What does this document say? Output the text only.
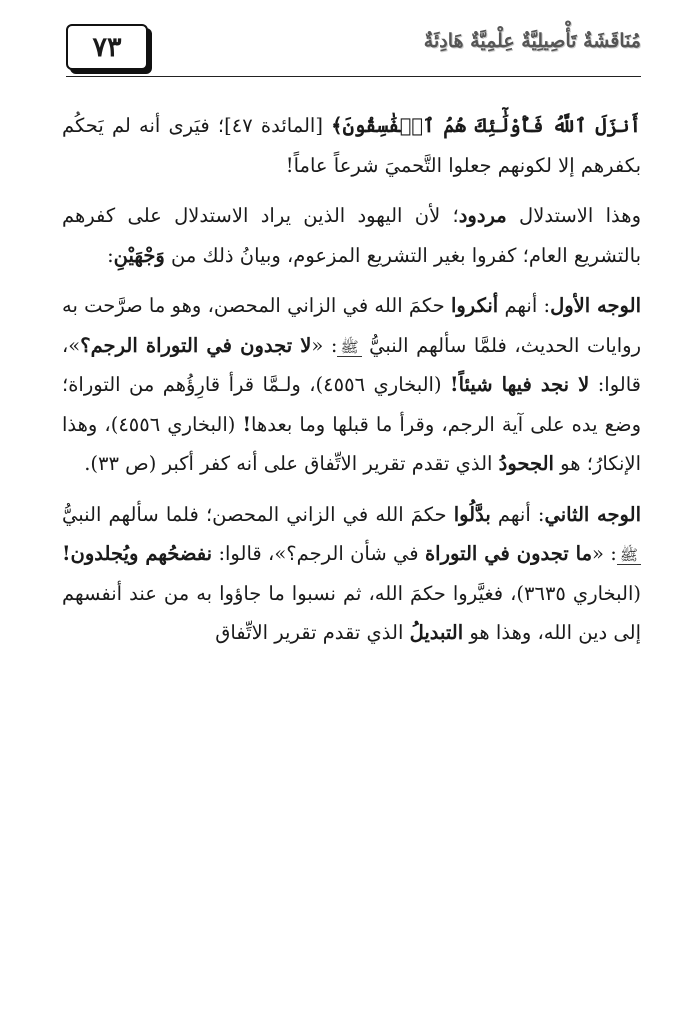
٧٣	مُنَاقَشَةٌ تَأْصِيلِيَّةٌ عِلْمِيَّةٌ هَادِئَةٌ

أَنزَلَ ٱللَّهُ فَأُوْلَٰٓئِكَ هُمُ ٱلۡفَٰسِقُونَ﴾ [المائدة ٤٧]؛ فيَرى أنه لم يَحكُم بكفرهم إلا لكونهم جعلوا التَّحميَ شرعاً عاماً!

وهذا الاستدلال مردود؛ لأن اليهود الذين يراد الاستدلال على كفرهم بالتشريع العام؛ كفروا بغير التشريع المزعوم، وبيانُ ذلك من وَجْهَيْنِ:

الوجه الأول: أنهم أنكروا حكمَ الله في الزاني المحصن، وهو ما صرَّحت به روايات الحديث، فلمَّا سألهم النبيُّ ﷺ: «لا تجدون في التوراة الرجم؟»، قالوا: لا نجد فيها شيئاً! (البخاري ٤٥٥٦)، ولـمَّا قرأ قارِؤُهم من التوراة؛ وضع يده على آية الرجم، وقرأ ما قبلها وما بعدها! (البخاري ٤٥٥٦)، وهذا الإنكارُ؛ هو الجحودُ الذي تقدم تقرير الاتِّفاق على أنه كفر أكبر (ص ٣٣).

الوجه الثاني: أنهم بدَّلُوا حكمَ الله في الزاني المحصن؛ فلما سألهم النبيُّ ﷺ: «ما تجدون في التوراة في شأن الرجم؟»، قالوا: نفضحُهم ويُجلدون! (البخاري ٣٦٣٥)، فغيَّروا حكمَ الله، ثم نسبوا ما جاؤوا به من عند أنفسهم إلى دين الله، وهذا هو التبديلُ الذي تقدم تقرير الاتِّفاق
